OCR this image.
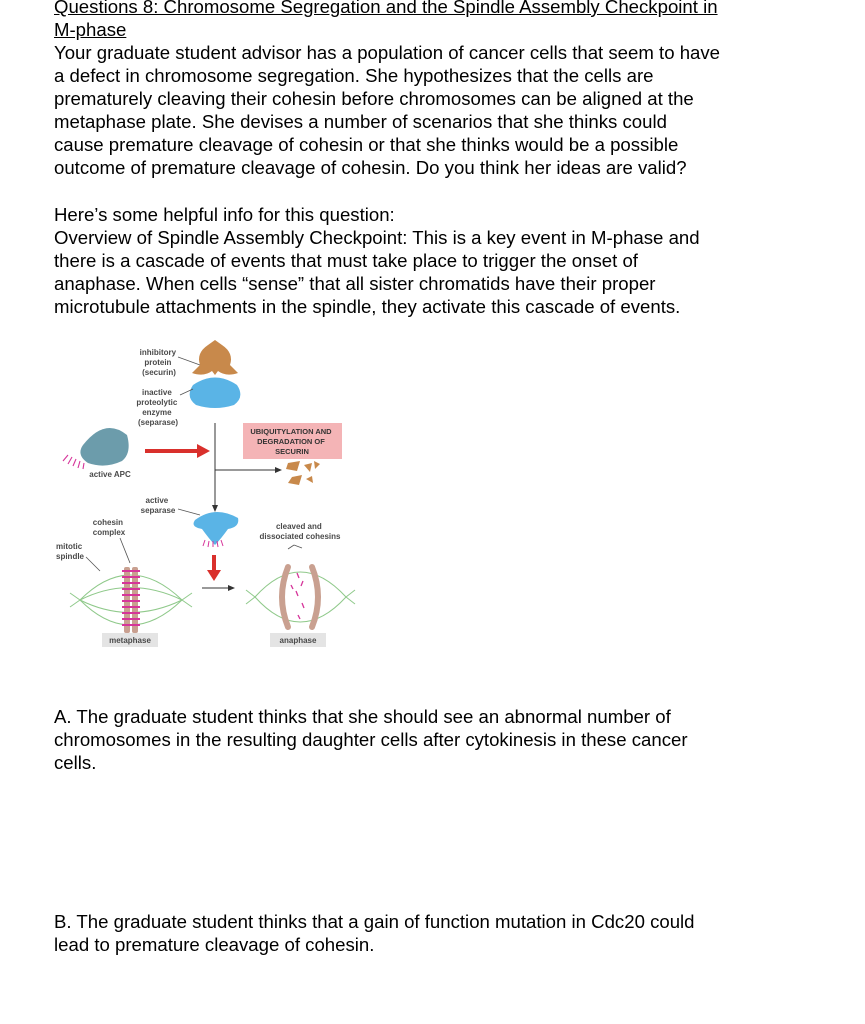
Questions 8: Chromosome Segregation and the Spindle Assembly Checkpoint in
M-phase
Your graduate student advisor has a population of cancer cells that seem to have
a defect in chromosome segregation. She hypothesizes that the cells are
prematurely cleaving their cohesin before chromosomes can be aligned at the
metaphase plate. She devises a number of scenarios that she thinks could
cause premature cleavage of cohesin or that she thinks would be a possible
outcome of premature cleavage of cohesin. Do you think her ideas are valid?
Here’s some helpful info for this question:
Overview of Spindle Assembly Checkpoint: This is a key event in M-phase and
there is a cascade of events that must take place to trigger the onset of
anaphase. When cells “sense” that all sister chromatids have their proper
microtubule attachments in the spindle, they activate this cascade of events.
inhibitory protein (securin)
inactive proteolytic enzyme (separase)
active APC
UBIQUITYLATION AND DEGRADATION OF SECURIN
active separase
cohesin complex
mitotic spindle
metaphase
cleaved and dissociated cohesins
anaphase
A. The graduate student thinks that she should see an abnormal number of
chromosomes in the resulting daughter cells after cytokinesis in these cancer
cells.
B. The graduate student thinks that a gain of function mutation in Cdc20 could
lead to premature cleavage of cohesin.
